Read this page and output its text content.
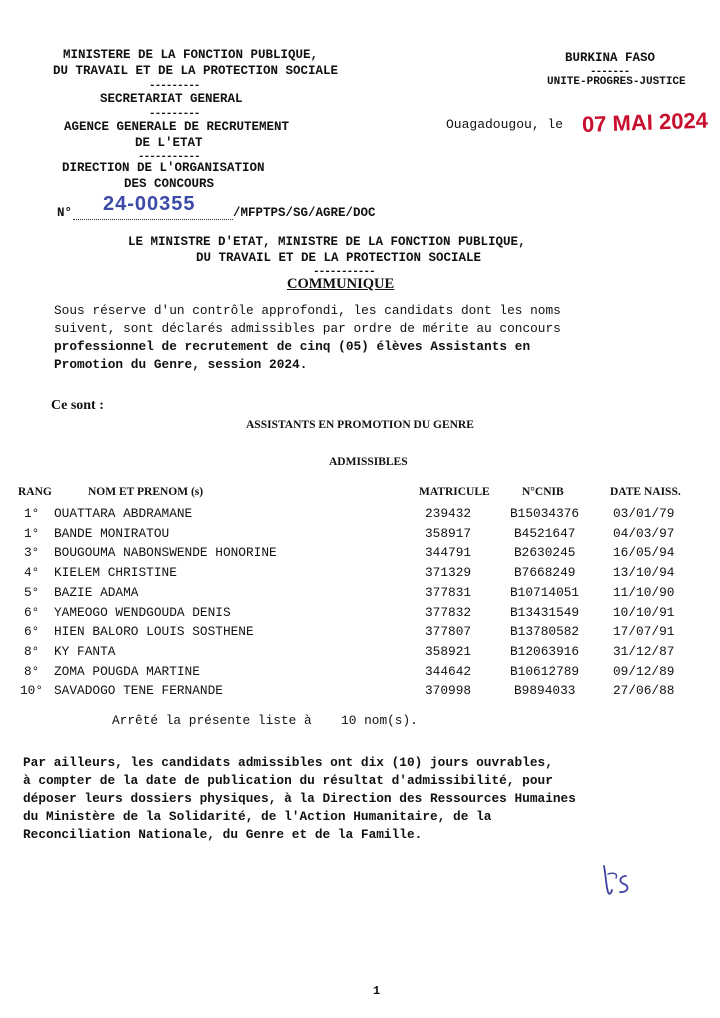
MINISTERE DE LA FONCTION PUBLIQUE,
DU TRAVAIL ET DE LA PROTECTION SOCIALE
---------
SECRETARIAT GENERAL
---------
AGENCE GENERALE DE RECRUTEMENT
DE L'ETAT
-----------
DIRECTION DE L'ORGANISATION
DES CONCOURS
N° 24-00355	/MFPTPS/SG/AGRE/DOC
BURKINA FASO
-------
UNITE-PROGRES-JUSTICE
Ouagadougou, le 07 MAI 2024
LE MINISTRE D'ETAT, MINISTRE DE LA FONCTION PUBLIQUE,
DU TRAVAIL ET DE LA PROTECTION SOCIALE
-----------
COMMUNIQUE
Sous réserve d'un contrôle approfondi, les candidats dont les noms
suivent, sont déclarés admissibles par ordre de mérite au concours
professionnel de recrutement de cinq (05) élèves Assistants en
Promotion du Genre, session 2024.
Ce sont :
ASSISTANTS EN PROMOTION DU GENRE
ADMISSIBLES
RANG	NOM ET PRENOM (s)	MATRICULE	N°CNIB	DATE NAISS.
1° OUATTARA ABDRAMANE	239432	B15034376	03/01/79
1° BANDE MONIRATOU	358917	B4521647	04/03/97
3° BOUGOUMA NABONSWENDE HONORINE	344791	B2630245	16/05/94
4° KIELEM CHRISTINE	371329	B7668249	13/10/94
5° BAZIE ADAMA	377831	B10714051	11/10/90
6° YAMEOGO WENDGOUDA DENIS	377832	B13431549	10/10/91
6° HIEN BALORO LOUIS SOSTHENE	377807	B13780582	17/07/91
8° KY FANTA	358921	B12063916	31/12/87
8° ZOMA POUGDA MARTINE	344642	B10612789	09/12/89
10° SAVADOGO TENE FERNANDE	370998	B9894033	27/06/88
Arrêté la présente liste à 10 nom(s).
Par ailleurs, les candidats admissibles ont dix (10) jours ouvrables,
à compter de la date de publication du résultat d'admissibilité, pour
déposer leurs dossiers physiques, à la Direction des Ressources Humaines
du Ministère de la Solidarité, de l'Action Humanitaire, de la
Reconciliation Nationale, du Genre et de la Famille.
1
